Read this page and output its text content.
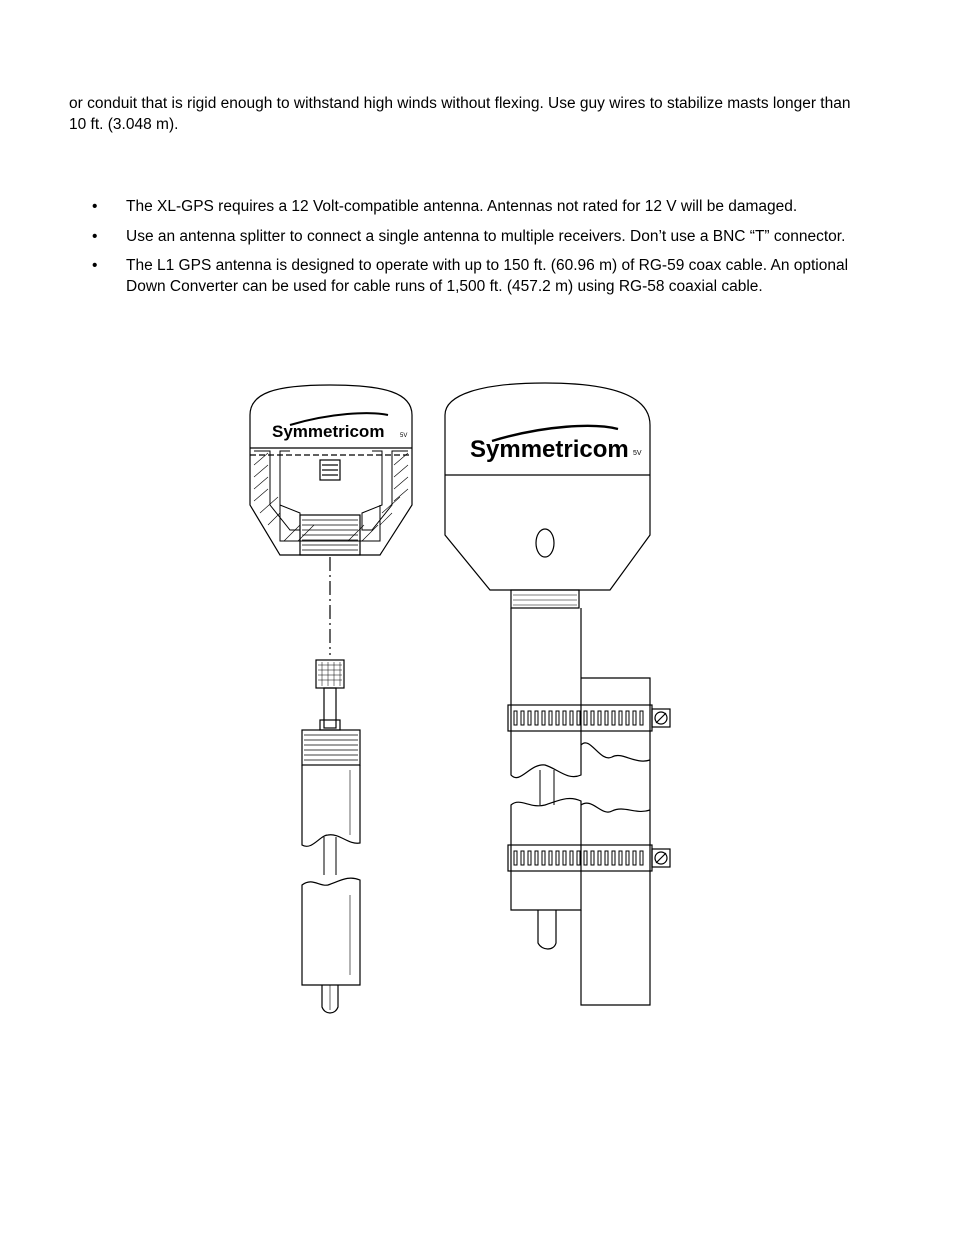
or conduit that is rigid enough to withstand high winds without flexing. Use guy wires to stabilize masts longer than 10 ft. (3.048 m).

• The XL-GPS requires a 12 Volt-compatible antenna. Antennas not rated for 12 V will be damaged.
• Use an antenna splitter to connect a single antenna to multiple receivers. Don’t use a BNC “T” connector.
• The L1 GPS antenna is designed to operate with up to 150 ft. (60.96 m) of RG-59 coax cable. An optional Down Converter can be used for cable runs of 1,500 ft. (457.2 m) using RG-58 coaxial cable.
Symmetricom	5V	Symmetricom 5V
